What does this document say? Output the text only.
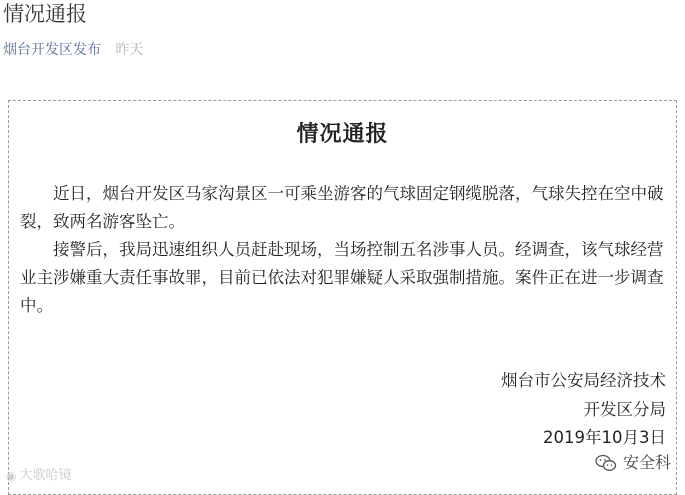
情况通报
烟台开发区发布 昨天
情况通报

近日，烟台开发区马家沟景区一可乘坐游客的气球固定钢缆脱落，气球失控在空中破裂，致两名游客坠亡。

接警后，我局迅速组织人员赶赴现场，当场控制五名涉事人员。经调查，该气球经营业主涉嫌重大责任事故罪，目前已依法对犯罪嫌疑人采取强制措施。案件正在进一步调查中。

烟台市公安局经济技术
开发区分局
2019年10月3日
◉ 大歌哈镜
安全科
